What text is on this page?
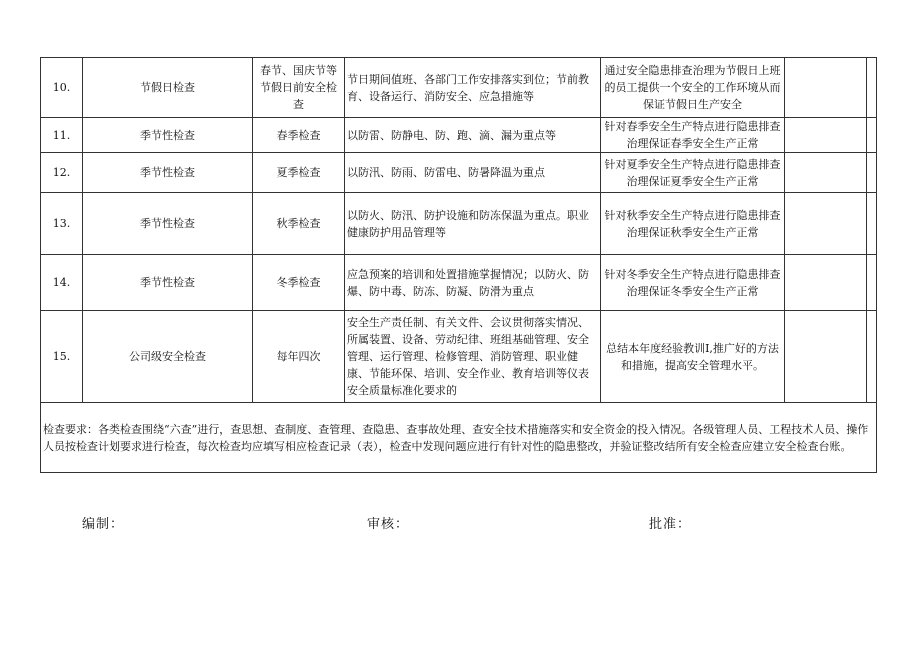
10.	节假日检查	春节、国庆节等节假日前安全检查	节日期间值班、各部门工作安排落实到位；节前教育、设备运行、消防安全、应急措施等	通过安全隐患排查治理为节假日上班的员工提供一个安全的工作环境从而保证节假日生产安全		
11.	季节性检查	春季检查	以防雷、防静电、防、跑、滴、漏为重点等	针对春季安全生产特点进行隐患排查治理保证春季安全生产正常		
12.	季节性检查	夏季检查	以防汛、防雨、防雷电、防暑降温为重点	针对夏季安全生产特点进行隐患排查治理保证夏季安全生产正常		
13.	季节性检查	秋季检查	以防火、防汛、防护设施和防冻保温为重点。职业健康防护用品管理等	针对秋季安全生产特点进行隐患排查治理保证秋季安全生产正常		
14.	季节性检查	冬季检查	应急预案的培训和处置措施掌握情况；以防火、防爆、防中毒、防冻、防凝、防滑为重点	针对冬季安全生产特点进行隐患排查治理保证冬季安全生产正常		
15.	公司级安全检查	每年四次	安全生产责任制、有关文件、会议贯彻落实情况、所属装置、设备、劳动纪律、班组基础管理、安全管理、运行管理、检修管理、消防管理、职业健康、节能环保、培训、安全作业、教育培训等仪表安全质量标准化要求的	总结本年度经验教训I,推广好的方法和措施，提高安全管理水平。		
检查要求：各类检查围绕“六查”进行，查思想、查制度、查管理、查隐患、查事故处理、查安全技术措施落实和安全资金的投入情况。各级管理人员、工程技术人员、操作人员按检查计划要求进行检查，每次检查均应填写相应检查记录（表），检查中发现问题应进行有针对性的隐患整改，并验证整改结所有安全检查应建立安全检查台账。						
编制：	审核：	批准：
